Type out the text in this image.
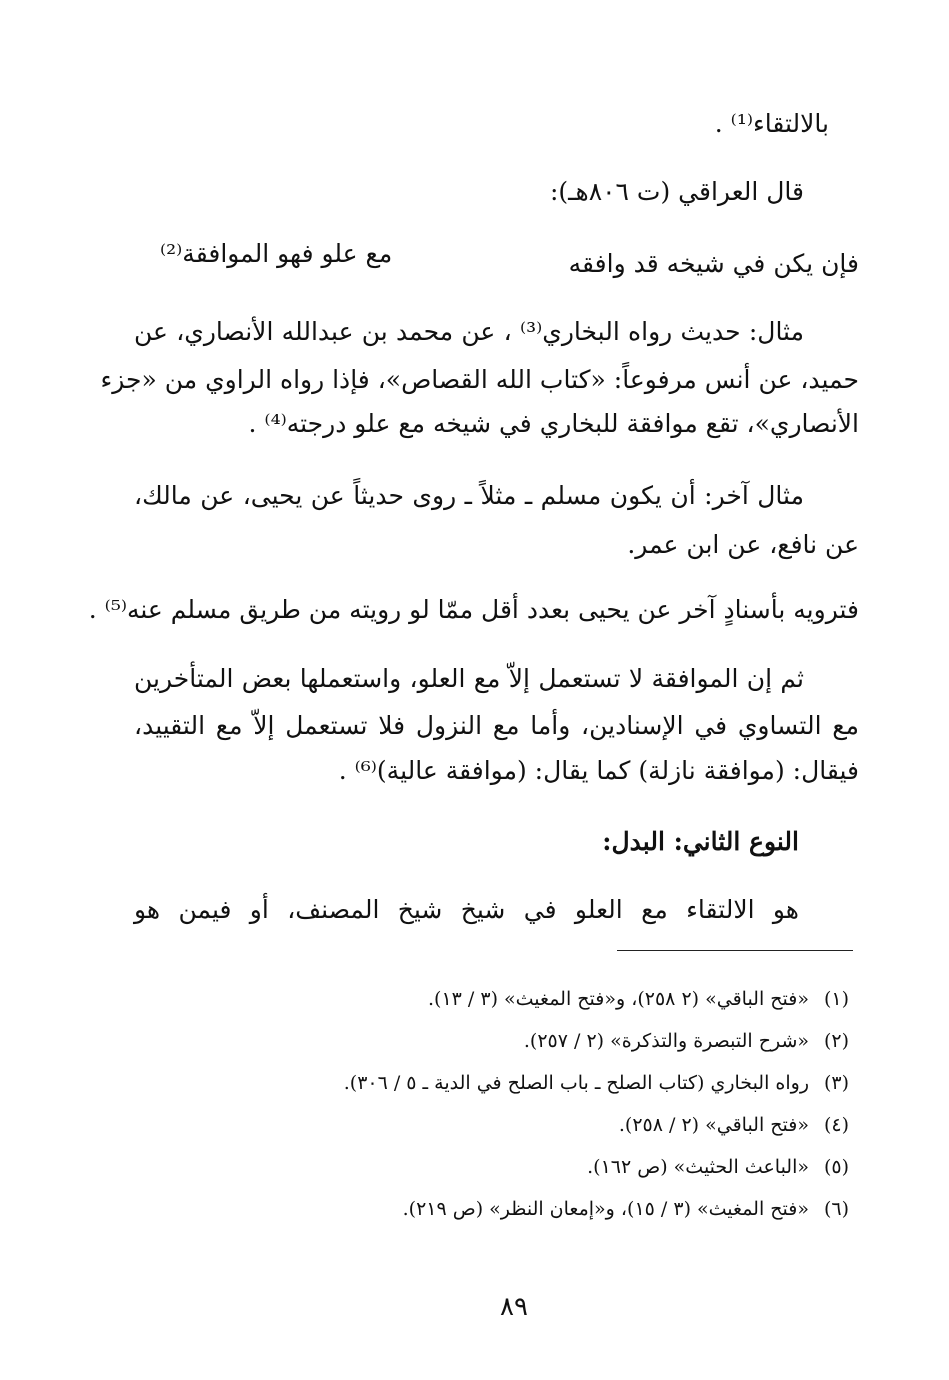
بالالتقاء⁽¹⁾ .
قال العراقي (ت ٨٠٦هـ):
فإن يكن في شيخه قد وافقه
مع علو فهو الموافقة⁽²⁾
مثال: حديث رواه البخاري⁽³⁾ ، عن محمد بن عبدالله الأنصاري، عن
حميد، عن أنس مرفوعاً: «كتاب الله القصاص»، فإذا رواه الراوي من «جزء
الأنصاري»، تقع موافقة للبخاري في شيخه مع علو درجته⁽⁴⁾ .
مثال آخر: أن يكون مسلم ـ مثلاً ـ روى حديثاً عن يحيى، عن مالك،
عن نافع، عن ابن عمر.
فترويه بأسنادٍ آخر عن يحيى بعدد أقل ممّا لو رويته من طريق مسلم عنه⁽⁵⁾ .
ثم إن الموافقة لا تستعمل إلاّ مع العلو، واستعملها بعض المتأخرين
مع التساوي في الإسنادين، وأما مع النزول فلا تستعمل إلاّ مع التقييد،
فيقال: (موافقة نازلة) كما يقال: (موافقة عالية)⁽⁶⁾ .
النوع الثاني: البدل:
هو الالتقاء مع العلو في شيخ شيخ المصنف، أو فيمن هو
(١)«فتح الباقي» (٢ ٢٥٨)، و«فتح المغيث» (٣ / ١٣).
(٢)«شرح التبصرة والتذكرة» (٢ / ٢٥٧).
(٣)رواه البخاري (كتاب الصلح ـ باب الصلح في الدية ـ ٥ / ٣٠٦).
(٤)«فتح الباقي» (٢ / ٢٥٨).
(٥)«الباعث الحثيث» (ص ١٦٢).
(٦)«فتح المغيث» (٣ / ١٥)، و«إمعان النظر» (ص ٢١٩).
٨٩
